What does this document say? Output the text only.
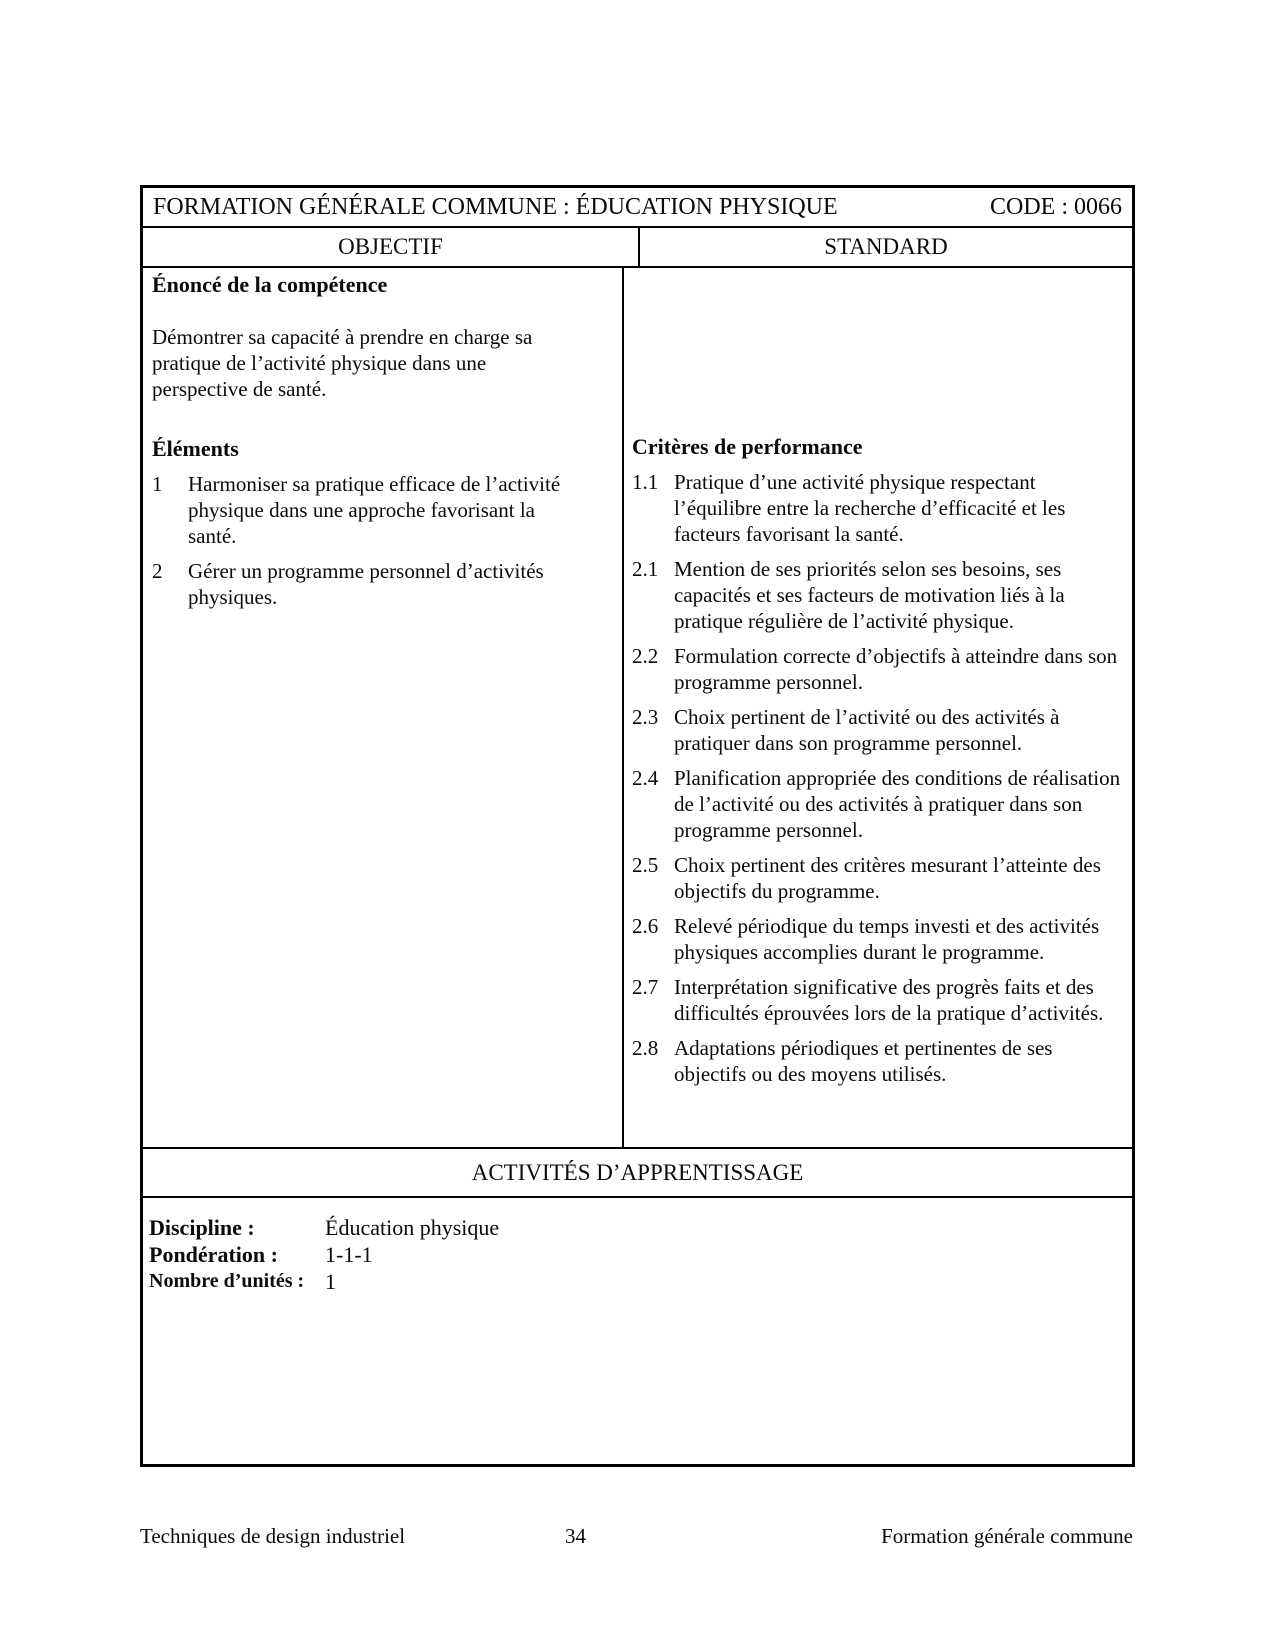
FORMATION GÉNÉRALE COMMUNE : ÉDUCATION PHYSIQUE	CODE : 0066
OBJECTIF	STANDARD
Énoncé de la compétence
Démontrer sa capacité à prendre en charge sa pratique de l’activité physique dans une perspective de santé.
Éléments
1	Harmoniser sa pratique efficace de l’activité physique dans une approche favorisant la santé.
2	Gérer un programme personnel d’activités physiques.
Critères de performance
1.1 Pratique d’une activité physique respectant l’équilibre entre la recherche d’efficacité et les facteurs favorisant la santé.
2.1 Mention de ses priorités selon ses besoins, ses capacités et ses facteurs de motivation liés à la pratique régulière de l’activité physique.
2.2 Formulation correcte d’objectifs à atteindre dans son programme personnel.
2.3 Choix pertinent de l’activité ou des activités à pratiquer dans son programme personnel.
2.4 Planification appropriée des conditions de réalisation de l’activité ou des activités à pratiquer dans son programme personnel.
2.5 Choix pertinent des critères mesurant l’atteinte des objectifs du programme.
2.6 Relevé périodique du temps investi et des activités physiques accomplies durant le programme.
2.7 Interprétation significative des progrès faits et des difficultés éprouvées lors de la pratique d’activités.
2.8 Adaptations périodiques et pertinentes de ses objectifs ou des moyens utilisés.
ACTIVITÉS D’APPRENTISSAGE
Discipline :	Éducation physique
Pondération :	1-1-1
Nombre d’unités : 1
Techniques de design industriel	34	Formation générale commune
